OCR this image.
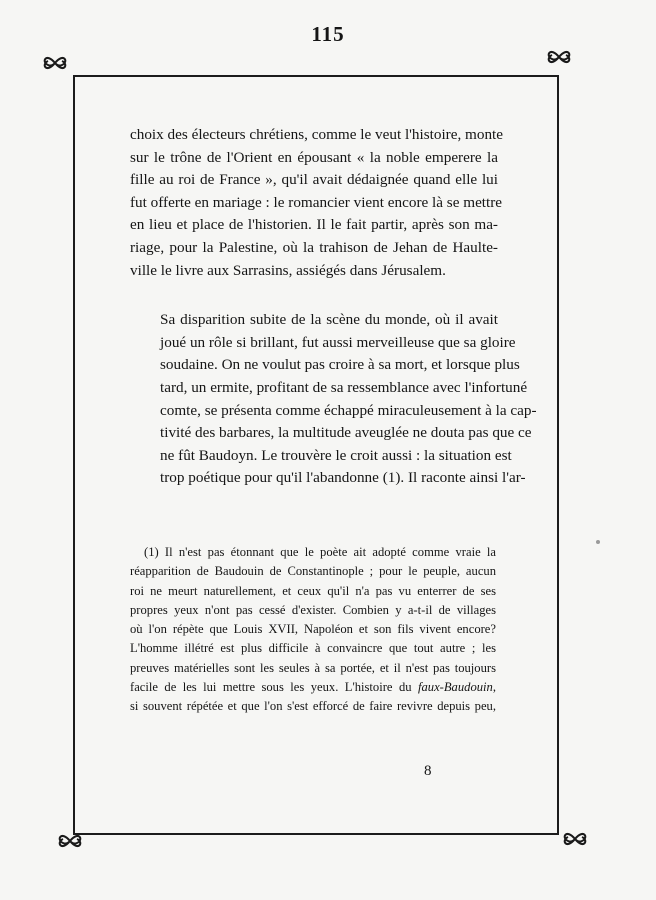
115

choix des électeurs chrétiens, comme le veut l'histoire, monte
sur le trône de l'Orient en épousant « la noble emperere la
fille au roi de France », qu'il avait dédaignée quand elle lui
fut offerte en mariage : le romancier vient encore là se mettre
en lieu et place de l'historien. Il le fait partir, après son ma-
riage, pour la Palestine, où la trahison de Jehan de Haulte-
ville le livre aux Sarrasins, assiégés dans Jérusalem.

Sa disparition subite de la scène du monde, où il avait
joué un rôle si brillant, fut aussi merveilleuse que sa gloire
soudaine. On ne voulut pas croire à sa mort, et lorsque plus
tard, un ermite, profitant de sa ressemblance avec l'infortuné
comte, se présenta comme échappé miraculeusement à la cap-
tivité des barbares, la multitude aveuglée ne douta pas que ce
ne fût Baudoyn. Le trouvère le croit aussi : la situation est
trop poétique pour qu'il l'abandonne (1). Il raconte ainsi l'ar-

(1) Il n'est pas étonnant que le poète ait adopté comme vraie la
réapparition de Baudouin de Constantinople ; pour le peuple, aucun
roi ne meurt naturellement, et ceux qu'il n'a pas vu enterrer de ses
propres yeux n'ont pas cessé d'exister. Combien y a-t-il de villages
où l'on répète que Louis XVII, Napoléon et son fils vivent encore?
L'homme illétré est plus difficile à convaincre que tout autre ; les
preuves matérielles sont les seules à sa portée, et il n'est pas toujours
facile de les lui mettre sous les yeux. L'histoire du faux-Baudouin,
si souvent répétée et que l'on s'est efforcé de faire revivre depuis peu,
8
